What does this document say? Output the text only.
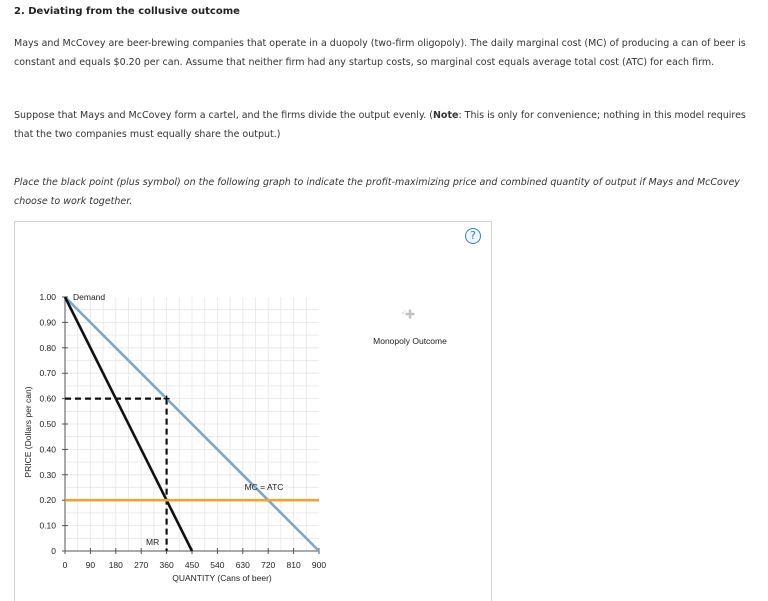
2. Deviating from the collusive outcome
Mays and McCovey are beer-brewing companies that operate in a duopoly (two-firm oligopoly). The daily marginal cost (MC) of producing a can of beer is constant and equals $0.20 per can. Assume that neither firm had any startup costs, so marginal cost equals average total cost (ATC) for each firm.
Suppose that Mays and McCovey form a cartel, and the firms divide the output evenly. (Note: This is only for convenience; nothing in this model requires that the two companies must equally share the output.)
Place the black point (plus symbol) on the following graph to indicate the profit-maximizing price and combined quantity of output if Mays and McCovey choose to work together.
?
0 90 180 270 360 450 540 630 720 810 900
0
0.10
0.20
0.30
0.40
0.50
0.60
0.70
0.80
0.90
1.00
QUANTITY (Cans of beer)
PRICE (Dollars per can)
Demand
MR
MC = ATC
Monopoly Outcome
